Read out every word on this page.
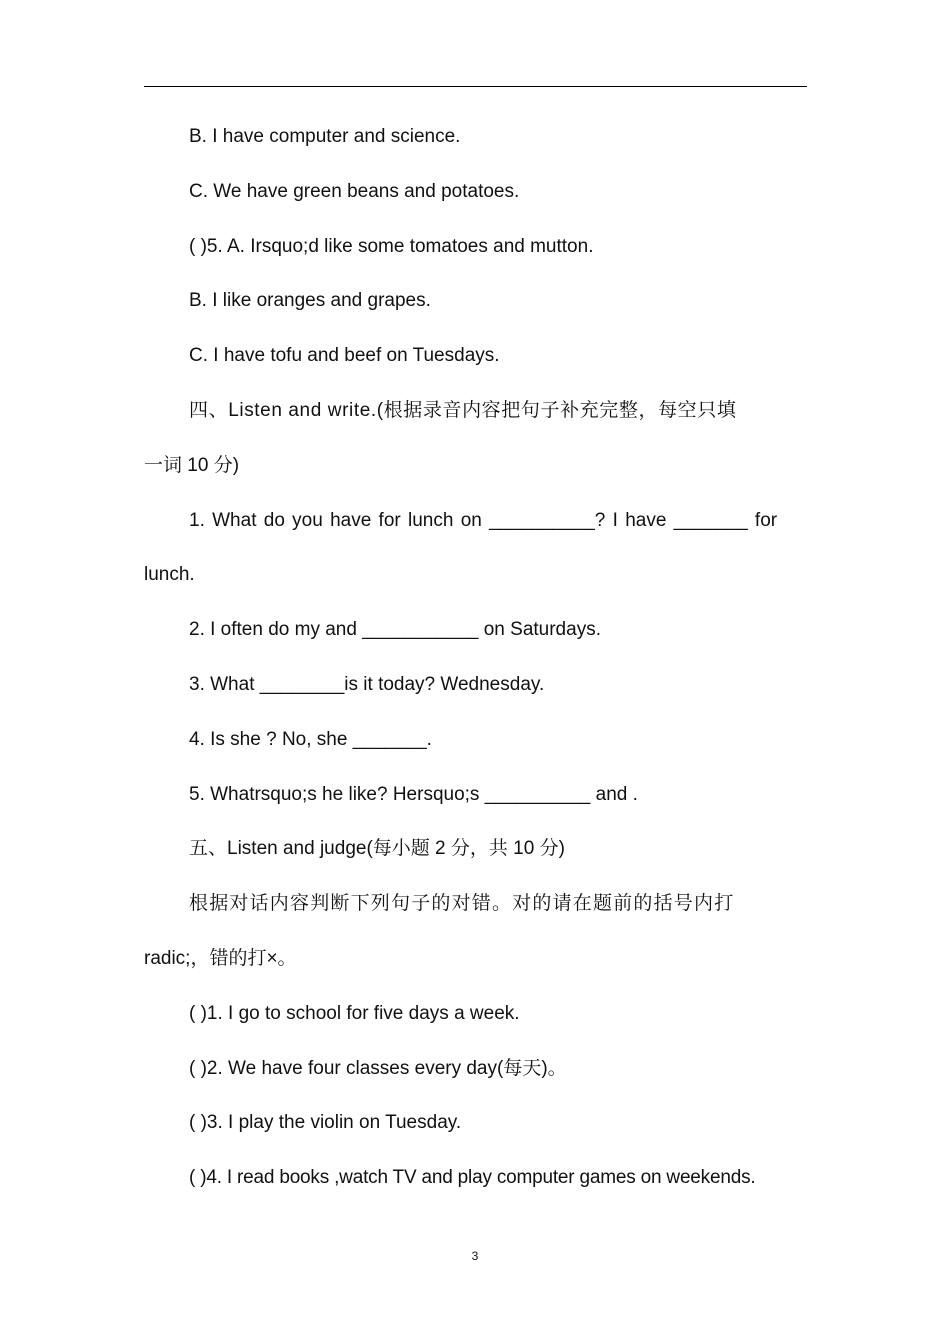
B. I have computer and science.
C. We have green beans and potatoes.
( )5. A. Irsquo;d like some tomatoes and mutton.
B. I like oranges and grapes.
C. I have tofu and beef on Tuesdays.
四、Listen and write.(根据录音内容把句子补充完整，每空只填
一词 10 分)
1. What do you have for lunch on __________? I have _______ for
lunch.
2. I often do my and ___________ on Saturdays.
3. What ________is it today? Wednesday.
4. Is she ? No, she _______.
5. Whatrsquo;s he like? Hersquo;s __________ and .
五、Listen and judge(每小题 2 分，共 10 分)
根据对话内容判断下列句子的对错。对的请在题前的括号内打
radic;，错的打×。
( )1. I go to school for five days a week.
( )2. We have four classes every day(每天)。
( )3. I play the violin on Tuesday.
( )4. I read books ,watch TV and play computer games on weekends.
3
